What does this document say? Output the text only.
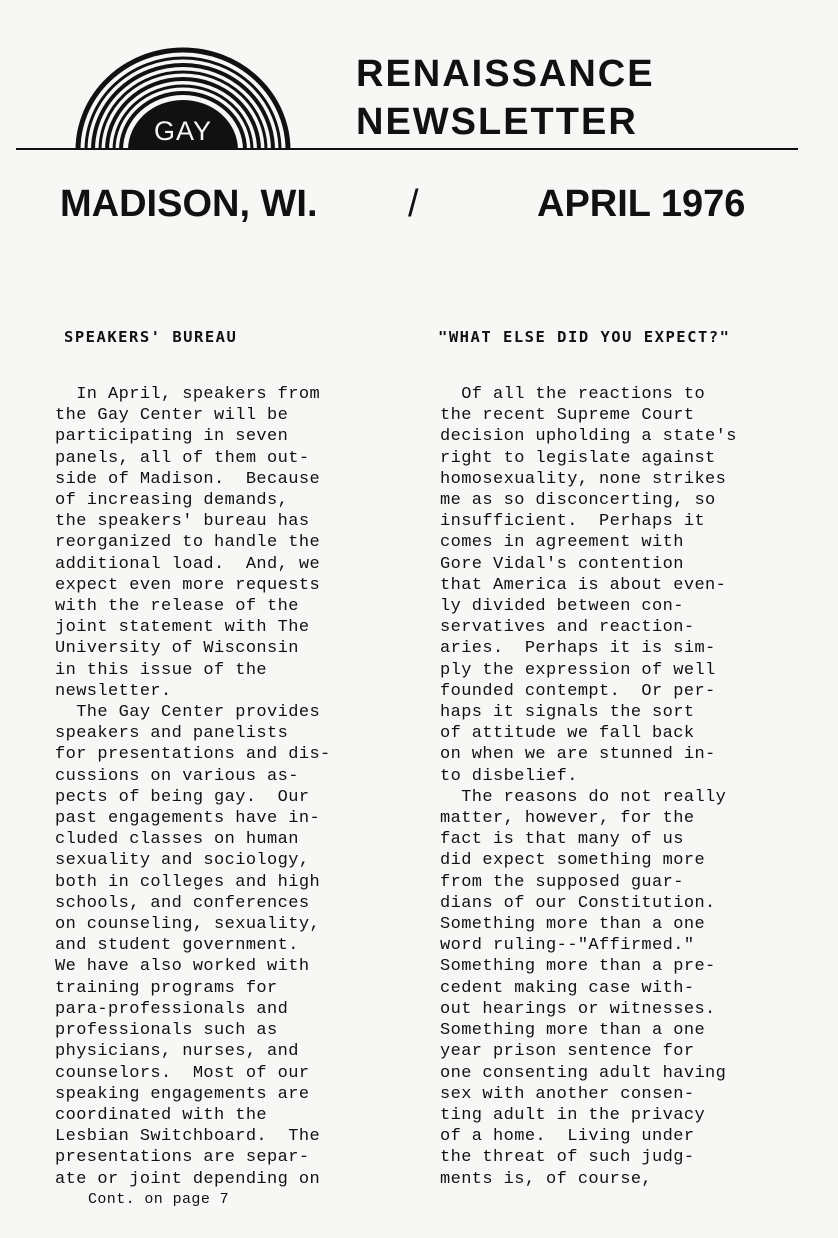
GAY
RENAISSANCE
NEWSLETTER
MADISON, WI. /	APRIL 1976
SPEAKERS' BUREAU

In April, speakers from
the Gay Center will be
participating in seven
panels, all of them out-
side of Madison.  Because
of increasing demands,
the speakers' bureau has
reorganized to handle the
additional load.  And, we
expect even more requests
with the release of the
joint statement with The
University of Wisconsin
in this issue of the
newsletter.
The Gay Center provides
speakers and panelists
for presentations and dis-
cussions on various as-
pects of being gay.  Our
past engagements have in-
cluded classes on human
sexuality and sociology,
both in colleges and high
schools, and conferences
on counseling, sexuality,
and student government.
We have also worked with
training programs for
para-professionals and
professionals such as
physicians, nurses, and
counselors.  Most of our
speaking engagements are
coordinated with the
Lesbian Switchboard.  The
presentations are separ-
ate or joint depending on

Cont. on page 7

"WHAT ELSE DID YOU EXPECT?"

Of all the reactions to
the recent Supreme Court
decision upholding a state's
right to legislate against
homosexuality, none strikes
me as so disconcerting, so
insufficient.  Perhaps it
comes in agreement with
Gore Vidal's contention
that America is about even-
ly divided between con-
servatives and reaction-
aries.  Perhaps it is sim-
ply the expression of well
founded contempt.  Or per-
haps it signals the sort
of attitude we fall back
on when we are stunned in-
to disbelief.
The reasons do not really
matter, however, for the
fact is that many of us
did expect something more
from the supposed guar-
dians of our Constitution.
Something more than a one
word ruling--"Affirmed."
Something more than a pre-
cedent making case with-
out hearings or witnesses.
Something more than a one
year prison sentence for
one consenting adult having
sex with another consen-
ting adult in the privacy
of a home.  Living under
the threat of such judg-
ments is, of course,
